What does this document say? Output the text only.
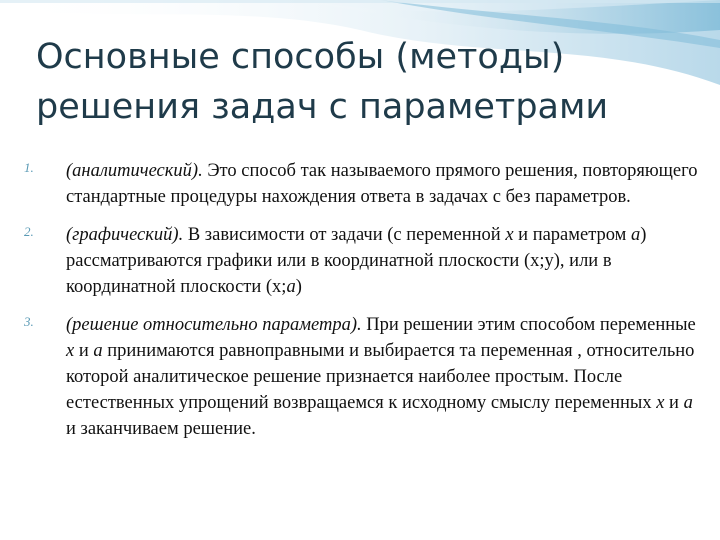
Основные способы (методы)
решения задач с параметрами
1. (аналитический). Это способ так называемого прямого решения, повторяющего стандартные процедуры нахождения ответа в задачах с без параметров.
2. (графический). В зависимости от задачи (с переменной x и параметром a) рассматриваются графики или в координатной плоскости (x;y), или в координатной плоскости (x;a)
3. (решение относительно параметра). При решении этим способом переменные x и a принимаются равноправными и выбирается та переменная , относительно которой аналитическое решение признается наиболее простым. После естественных упрощений возвращаемся к исходному смыслу переменных x и a и заканчиваем решение.
